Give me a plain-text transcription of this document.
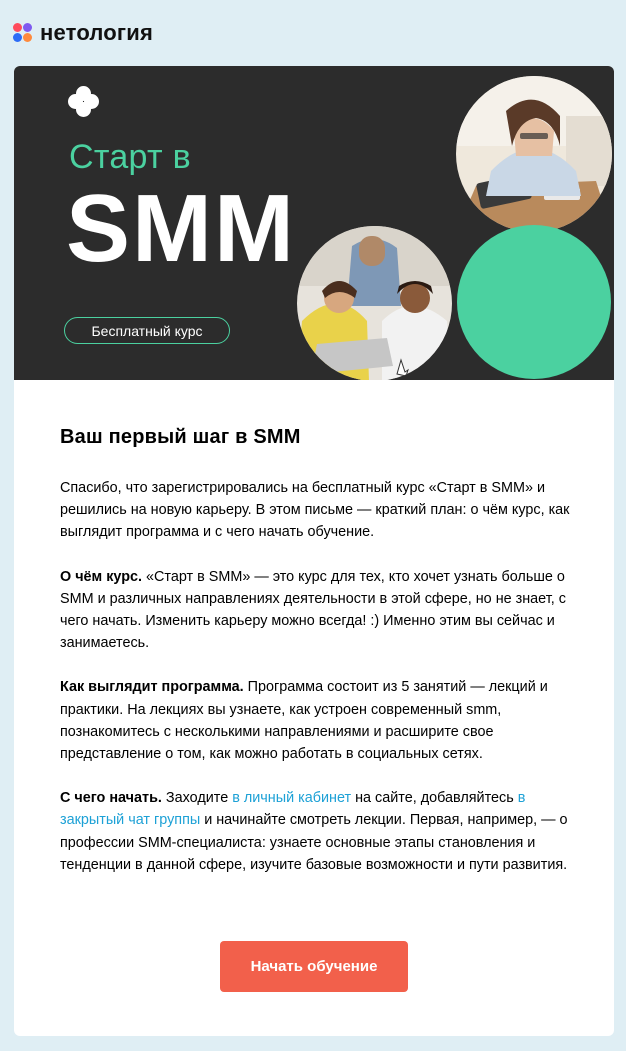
нетология
Старт в
SMM
Бесплатный курс
Ваш первый шаг в SMM

Спасибо, что зарегистрировались на бесплатный курс «Старт в SMM» и решились на новую карьеру. В этом письме — краткий план: о чём курс, как выглядит программа и с чего начать обучение.

О чём курс. «Старт в SMM» — это курс для тех, кто хочет узнать больше о SMM и различных направлениях деятельности в этой сфере, но не знает, с чего начать. Изменить карьеру можно всегда! :) Именно этим вы сейчас и занимаетесь.

Как выглядит программа. Программа состоит из 5 занятий — лекций и практики. На лекциях вы узнаете, как устроен современный smm, познакомитесь с несколькими направлениями и расширите свое представление о том, как можно работать в социальных сетях.

С чего начать. Заходите в личный кабинет на сайте, добавляйтесь в закрытый чат группы и начинайте смотреть лекции. Первая, например, — о профессии SMM-специалиста: узнаете основные этапы становления и тенденции в данной сфере, изучите базовые возможности и пути развития.

Начать обучение
